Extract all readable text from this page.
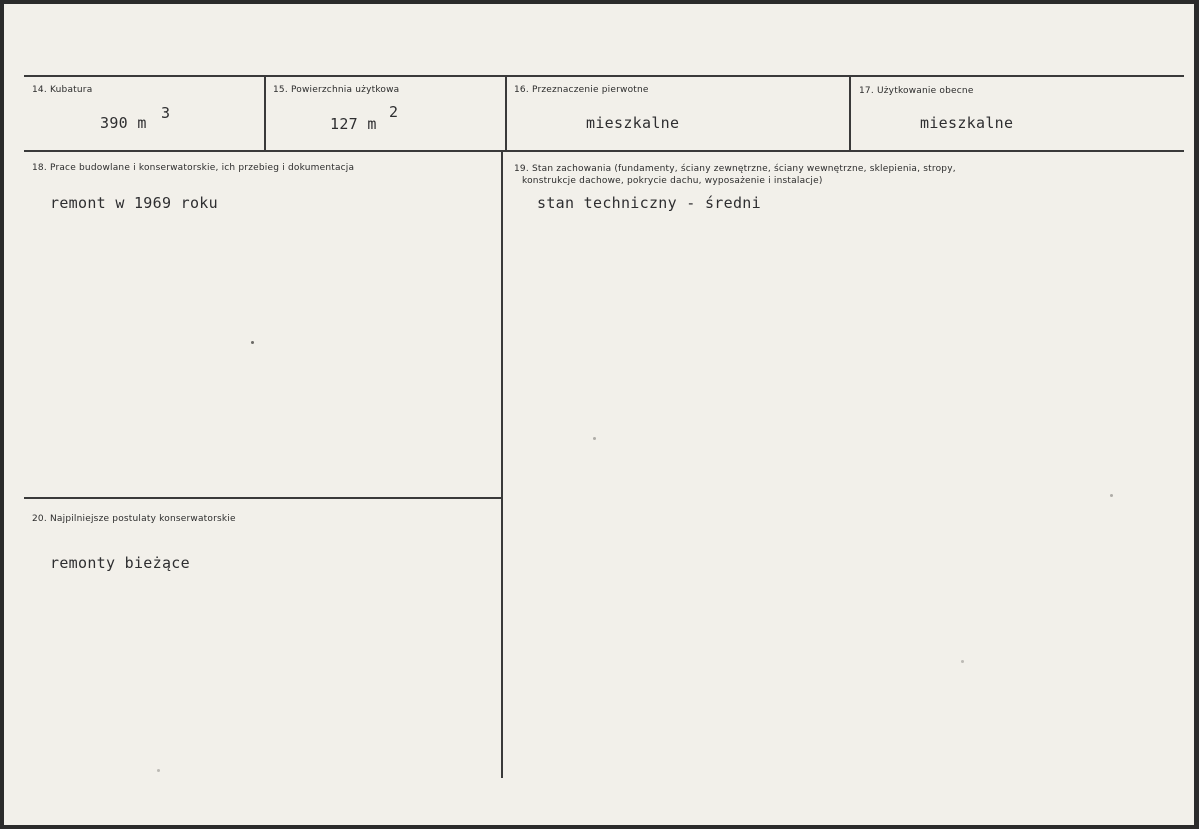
14. Kubatura
390 m
3
15. Powierzchnia użytkowa
127 m
2
16. Przeznaczenie pierwotne
mieszkalne
17. Użytkowanie obecne
mieszkalne
18. Prace budowlane i konserwatorskie, ich przebieg i dokumentacja
remont w 1969 roku
19. Stan zachowania (fundamenty, ściany zewnętrzne, ściany wewnętrzne, sklepienia, stropy,
konstrukcje dachowe, pokrycie dachu, wyposażenie i instalacje)
stan techniczny - średni
20. Najpilniejsze postulaty konserwatorskie
remonty bieżące
